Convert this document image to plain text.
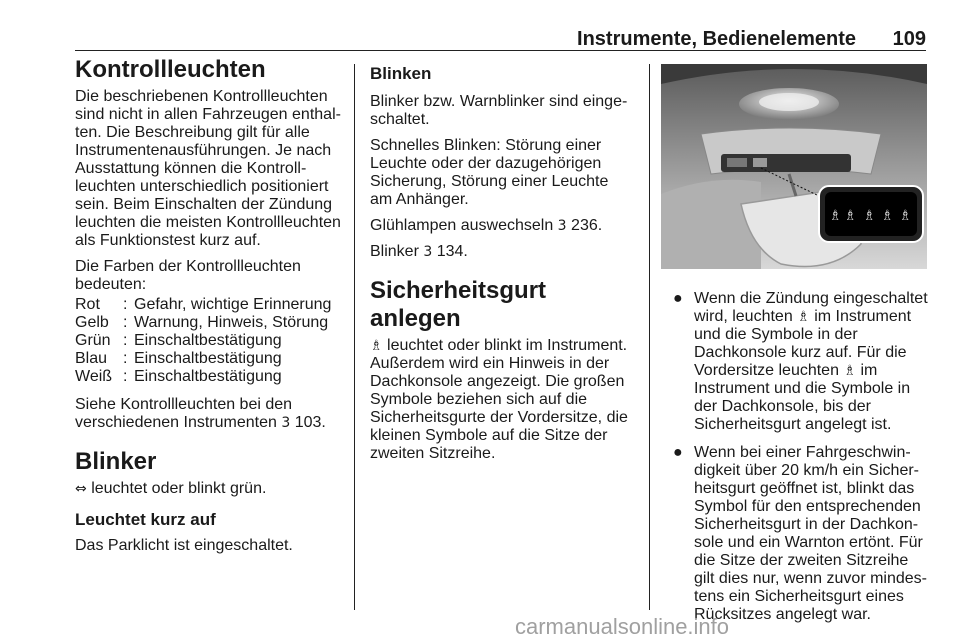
Instrumente, Bedienelemente 109
Kontrollleuchten

Die beschriebenen Kontrollleuchten sind nicht in allen Fahrzeugen enthalten. Die Beschreibung gilt für alle Instrumentenausführungen. Je nach Ausstattung können die Kontrollleuchten unterschiedlich positioniert sein. Beim Einschalten der Zündung leuchten die meisten Kontrollleuchten als Funktionstest kurz auf.

Die Farben der Kontrollleuchten bedeuten:

Rot	:	Gefahr, wichtige Erinnerung
Gelb	:	Warnung, Hinweis, Störung
Grün	:	Einschaltbestätigung
Blau	:	Einschaltbestätigung
Weiß	:	Einschaltbestätigung

Siehe Kontrollleuchten bei den verschiedenen Instrumenten 3 103.

Blinker

⇔ leuchtet oder blinkt grün.

Leuchtet kurz auf

Das Parklicht ist eingeschaltet.

Blinken

Blinker bzw. Warnblinker sind eingeschaltet.

Schnelles Blinken: Störung einer Leuchte oder der dazugehörigen Sicherung, Störung einer Leuchte am Anhänger.

Glühlampen auswechseln 3 236.

Blinker 3 134.

Sicherheitsgurt anlegen

♗ leuchtet oder blinkt im Instrument. Außerdem wird ein Hinweis in der Dachkonsole angezeigt. Die großen Symbole beziehen sich auf die Sicherheitsgurte der Vordersitze, die kleinen Symbole auf die Sitze der zweiten Sitzreihe.

♗ ♗ ♗ ♗ ♗
● Wenn die Zündung eingeschaltet wird, leuchten ♗ im Instrument und die Symbole in der Dachkonsole kurz auf. Für die Vordersitze leuchten ♗ im Instrument und die Symbole in der Dachkonsole, bis der Sicherheitsgurt angelegt ist.
● Wenn bei einer Fahrgeschwindigkeit über 20 km/h ein Sicherheitsgurt geöffnet ist, blinkt das Symbol für den entsprechenden Sicherheitsgurt in der Dachkonsole und ein Warnton ertönt. Für die Sitze der zweiten Sitzreihe gilt dies nur, wenn zuvor mindestens ein Sicherheitsgurt eines Rücksitzes angelegt war.
carmanualsonline.info
